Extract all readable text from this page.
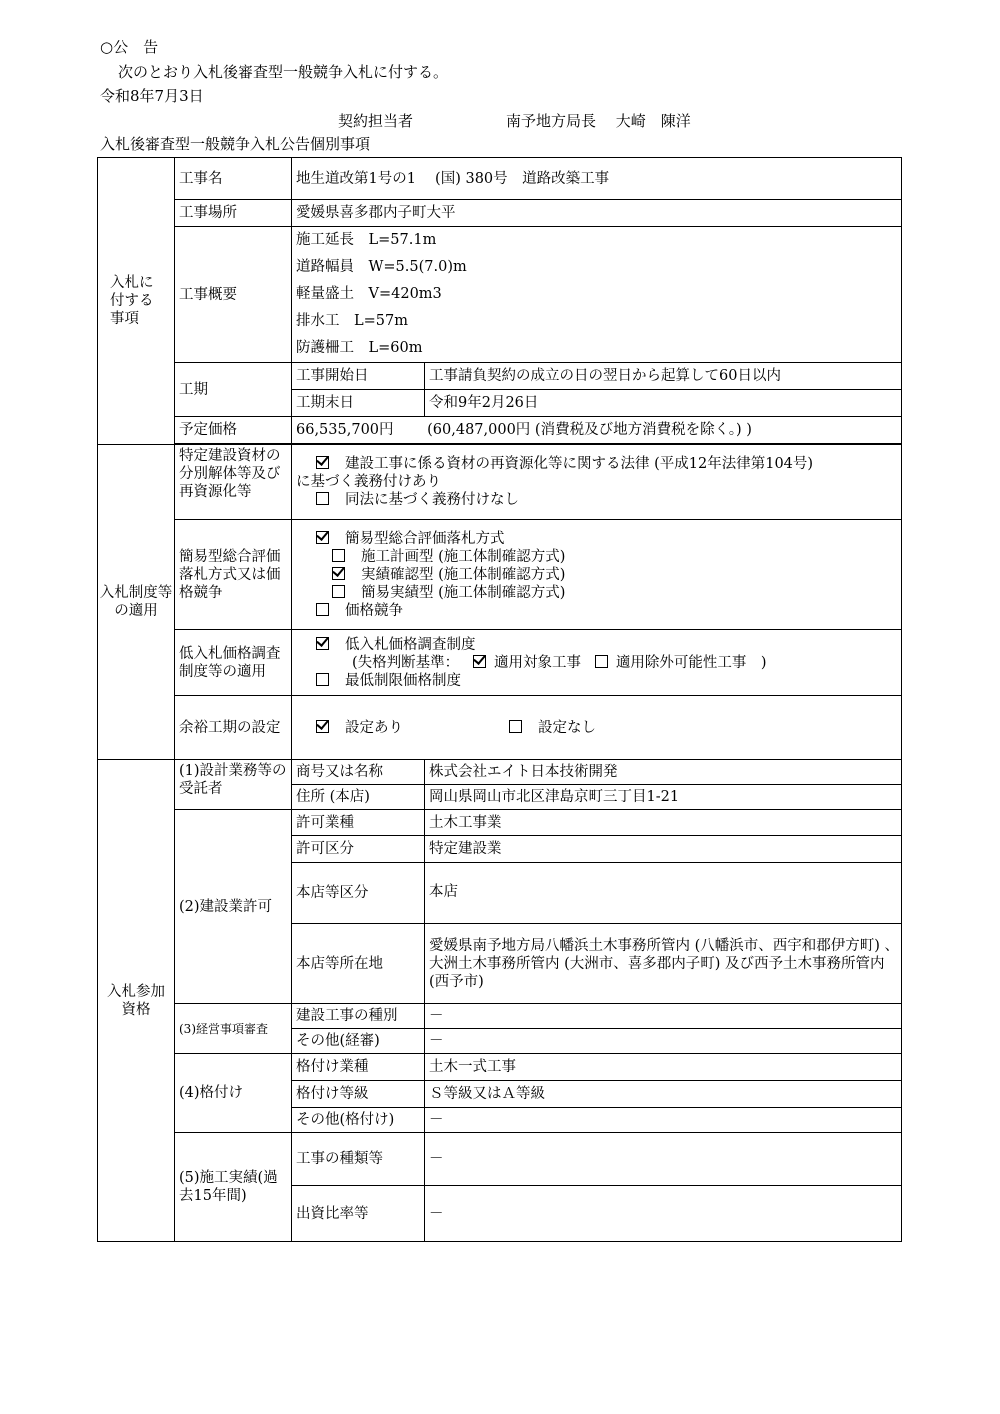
○公　告
次のとおり入札後審査型一般競争入札に付する。
令和8年7月3日
契約担当者	南予地方局長　 大崎　陳洋
入札後審査型一般競争入札公告個別事項
入札に付する事項	工事名	地生道改第1号の1　 (国) 380号　道路改築工事	
	工事場所	愛媛県喜多郡内子町大平	
	工事概要	施工延長　L=57.1m
道路幅員　W=5.5(7.0)m
軽量盛土　V=420m3
排水工　L=57m
防護柵工　L=60m	

	工期	工事開始日	工事請負契約の成立の日の翌日から起算して60日以内
		工期末日	令和9年2月26日
	予定価格	66,535,700円　　 (60,487,000円 (消費税及び地方消費税を除く。) )	

入札制度等の適用	特定建設資材の分別解体等及び再資源化等	建設工事に係る資材の再資源化等に関する法律 (平成12年法律第104号)
に基づく義務付けあり
同法に基づく義務付けなし	

	簡易型総合評価落札方式又は価格競争	簡易型総合評価落札方式
施工計画型 (施工体制確認方式)
実績確認型 (施工体制確認方式)
簡易実績型 (施工体制確認方式)
価格競争	

	低入札価格調査制度等の適用	低入札価格調査制度
(失格判断基準： 適用対象工事 適用除外可能性工事　)
最低制限価格制度	

	余裕工期の設定	設定あり 設定なし	

入札参加資格	(1)設計業務等の受託者	商号又は名称	株式会社エイト日本技術開発
		住所 (本店)	岡山県岡山市北区津島京町三丁目1-21
	(2)建設業許可	許可業種	土木工事業
		許可区分	特定建設業
		本店等区分	本店
		本店等所在地	愛媛県南予地方局八幡浜土木事務所管内 (八幡浜市、西宇和郡伊方町) 、大洲土木事務所管内 (大洲市、喜多郡内子町) 及び西予土木事務所管内 (西予市)
	(3)経営事項審査	建設工事の種別	－
		その他(経審)	－
	(4)格付け	格付け業種	土木一式工事
		格付け等級	Ｓ等級又はＡ等級
		その他(格付け)	－
	(5)施工実績(過去15年間)	工事の種類等	－
		出資比率等	－
